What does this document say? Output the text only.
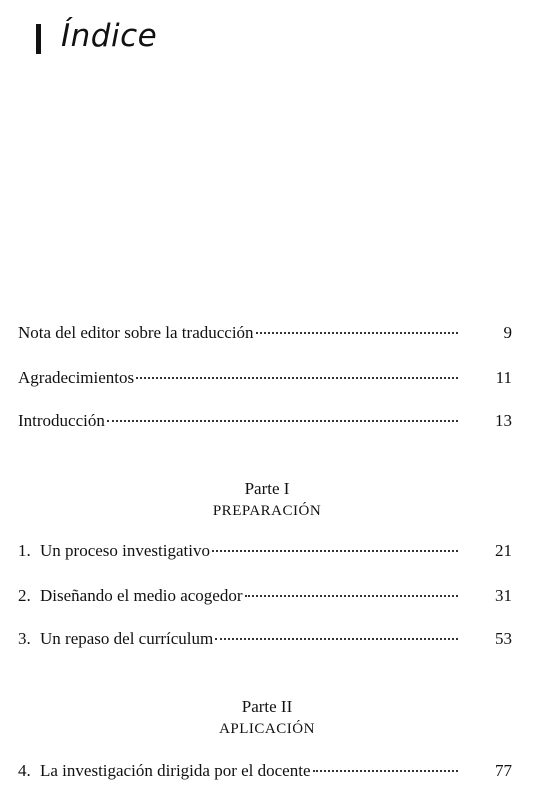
Índice
Nota del editor sobre la traducción	9
Agradecimientos	11
Introducción	13
Parte I
PREPARACIÓN
1. Un proceso investigativo	21
2. Diseñando el medio acogedor	31
3. Un repaso del currículum	53
Parte II
APLICACIÓN
4. La investigación dirigida por el docente	77
